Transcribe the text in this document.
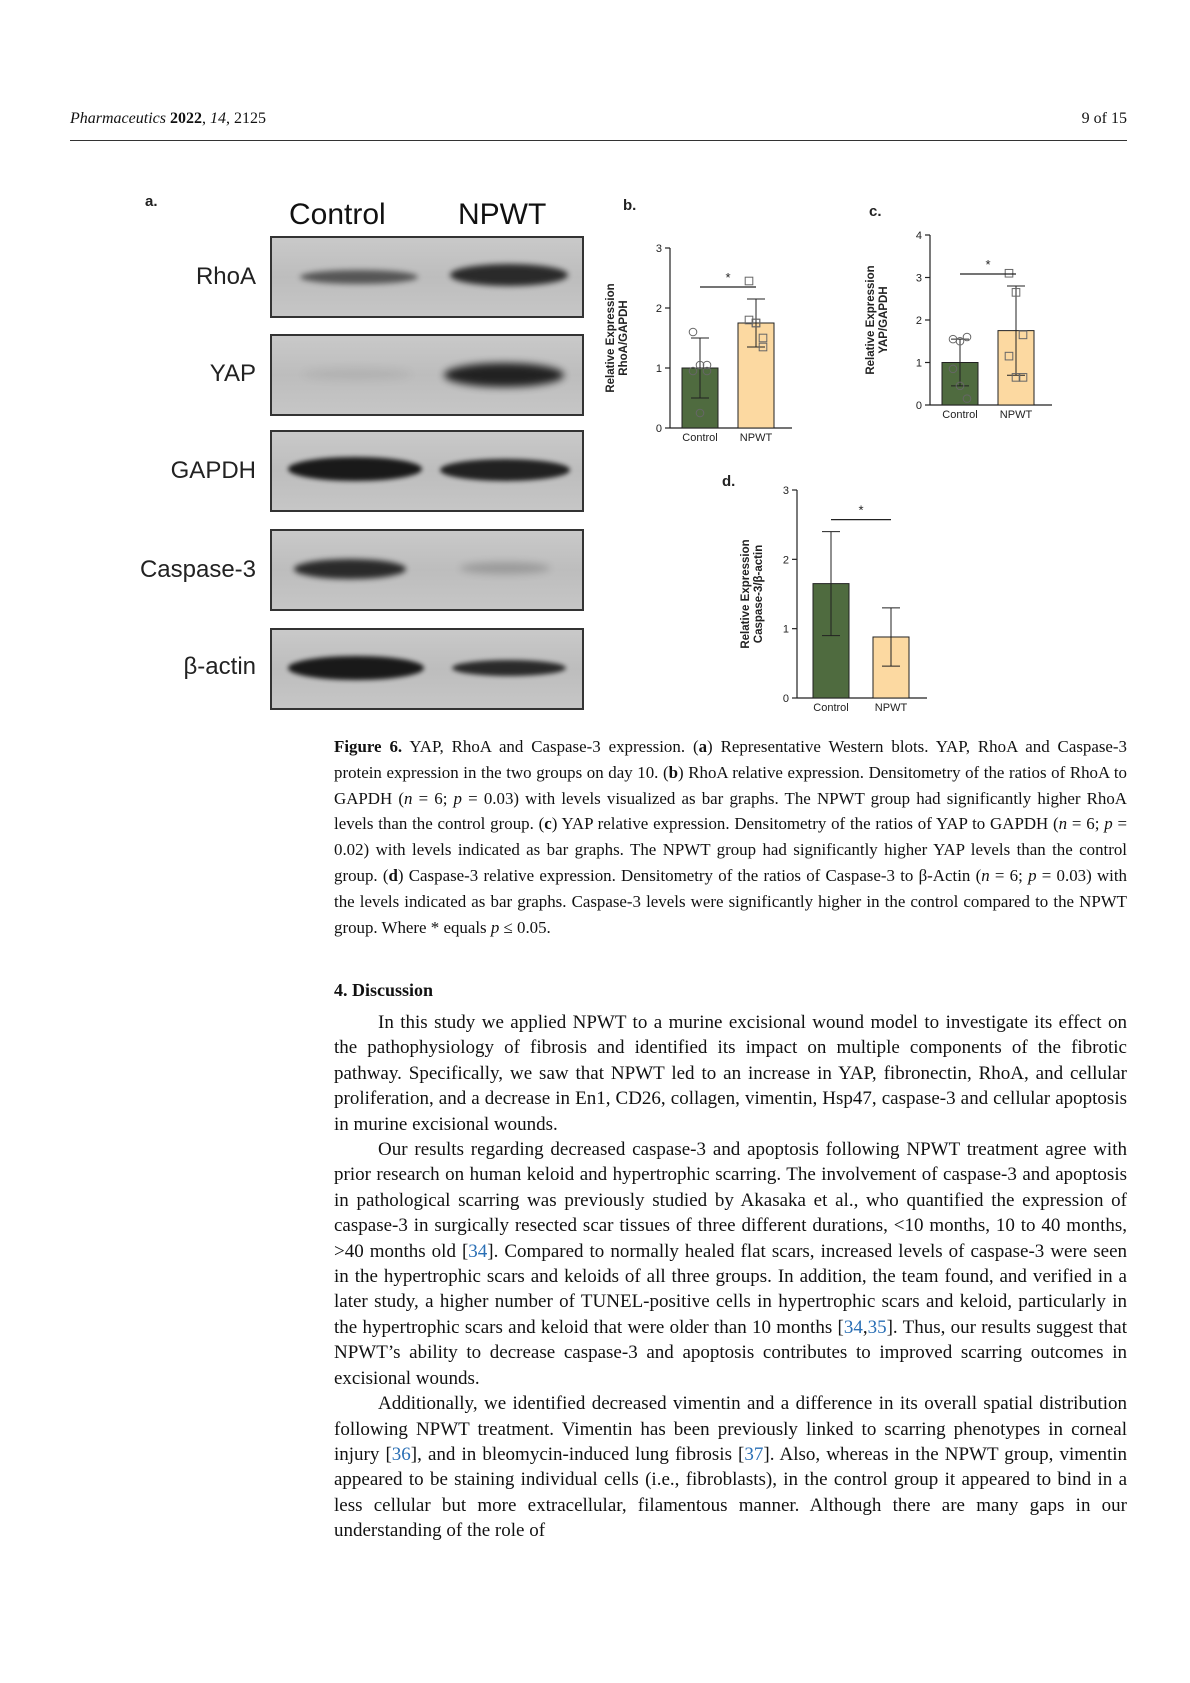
Pharmaceutics 2022, 14, 2125	9 of 15
a.	Control NPWT
RhoA
YAP
GAPDH
Caspase-3
β-actin
b.	c.
d.
0
1
2
3
Relative Expression RhoA/GAPDH
Control NPWT
*
0
1
2
3
4
Relative Expression YAP/GAPDH
Control NPWT
*
0
1
2
3
Relative Expression Caspase-3/β-actin
Control NPWT
*
Figure 6. YAP, RhoA and Caspase-3 expression. (a) Representative Western blots. YAP, RhoA and Caspase-3 protein expression in the two groups on day 10. (b) RhoA relative expression. Densitometry of the ratios of RhoA to GAPDH (n = 6; p = 0.03) with levels visualized as bar graphs. The NPWT group had significantly higher RhoA levels than the control group. (c) YAP relative expression. Densitometry of the ratios of YAP to GAPDH (n = 6; p = 0.02) with levels indicated as bar graphs. The NPWT group had significantly higher YAP levels than the control group. (d) Caspase-3 relative expression. Densitometry of the ratios of Caspase-3 to β-Actin (n = 6; p = 0.03) with the levels indicated as bar graphs. Caspase-3 levels were significantly higher in the control compared to the NPWT group. Where * equals p ≤ 0.05.
4. Discussion

In this study we applied NPWT to a murine excisional wound model to investigate its effect on the pathophysiology of fibrosis and identified its impact on multiple components of the fibrotic pathway. Specifically, we saw that NPWT led to an increase in YAP, fibronectin, RhoA, and cellular proliferation, and a decrease in En1, CD26, collagen, vimentin, Hsp47, caspase-3 and cellular apoptosis in murine excisional wounds.

Our results regarding decreased caspase-3 and apoptosis following NPWT treatment agree with prior research on human keloid and hypertrophic scarring. The involvement of caspase-3 and apoptosis in pathological scarring was previously studied by Akasaka et al., who quantified the expression of caspase-3 in surgically resected scar tissues of three different durations, <10 months, 10 to 40 months, >40 months old [34]. Compared to normally healed flat scars, increased levels of caspase-3 were seen in the hypertrophic scars and keloids of all three groups. In addition, the team found, and verified in a later study, a higher number of TUNEL-positive cells in hypertrophic scars and keloid, particularly in the hypertrophic scars and keloid that were older than 10 months [34,35]. Thus, our results suggest that NPWT’s ability to decrease caspase-3 and apoptosis contributes to improved scarring outcomes in excisional wounds.

Additionally, we identified decreased vimentin and a difference in its overall spatial distribution following NPWT treatment. Vimentin has been previously linked to scarring phenotypes in corneal injury [36], and in bleomycin-induced lung fibrosis [37]. Also, whereas in the NPWT group, vimentin appeared to be staining individual cells (i.e., fibroblasts), in the control group it appeared to bind in a less cellular but more extracellular, filamentous manner. Although there are many gaps in our understanding of the role of
